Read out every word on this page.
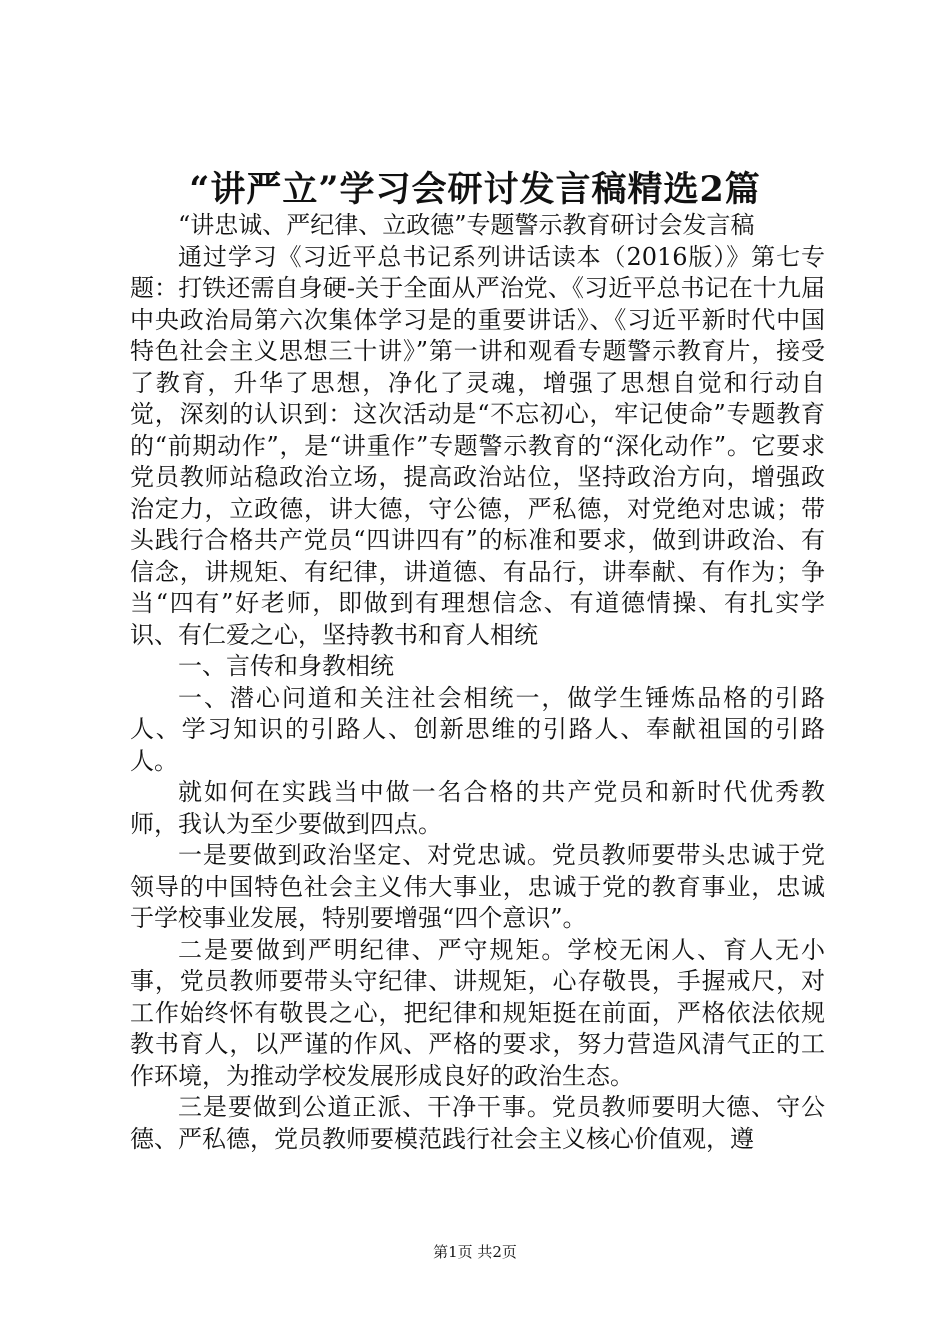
“讲严立”学习会研讨发言稿精选2篇

“讲忠诚、严纪律、立政德”专题警示教育研讨会发言稿

通过学习《习近平总书记系列讲话读本（2016版）》第七专题：打铁还需自身硬-关于全面从严治党、《习近平总书记在十九届中央政治局第六次集体学习是的重要讲话》、《习近平新时代中国特色社会主义思想三十讲》”第一讲和观看专题警示教育片，接受了教育，升华了思想，净化了灵魂，增强了思想自觉和行动自觉，深刻的认识到：这次活动是“不忘初心，牢记使命”专题教育的“前期动作”，是“讲重作”专题警示教育的“深化动作”。它要求党员教师站稳政治立场，提高政治站位，坚持政治方向，增强政治定力，立政德，讲大德，守公德，严私德，对党绝对忠诚；带头践行合格共产党员“四讲四有”的标准和要求，做到讲政治、有信念，讲规矩、有纪律，讲道德、有品行，讲奉献、有作为；争当“四有”好老师，即做到有理想信念、有道德情操、有扎实学识、有仁爱之心，坚持教书和育人相统

一、言传和身教相统

一、潜心问道和关注社会相统一，做学生锤炼品格的引路人、学习知识的引路人、创新思维的引路人、奉献祖国的引路人。

就如何在实践当中做一名合格的共产党员和新时代优秀教师，我认为至少要做到四点。

一是要做到政治坚定、对党忠诚。党员教师要带头忠诚于党领导的中国特色社会主义伟大事业，忠诚于党的教育事业，忠诚于学校事业发展，特别要增强“四个意识”。

二是要做到严明纪律、严守规矩。学校无闲人、育人无小事，党员教师要带头守纪律、讲规矩，心存敬畏，手握戒尺，对工作始终怀有敬畏之心，把纪律和规矩挺在前面，严格依法依规教书育人，以严谨的作风、严格的要求，努力营造风清气正的工作环境，为推动学校发展形成良好的政治生态。

三是要做到公道正派、干净干事。党员教师要明大德、守公德、严私德，党员教师要模范践行社会主义核心价值观，遵

第1页 共2页
